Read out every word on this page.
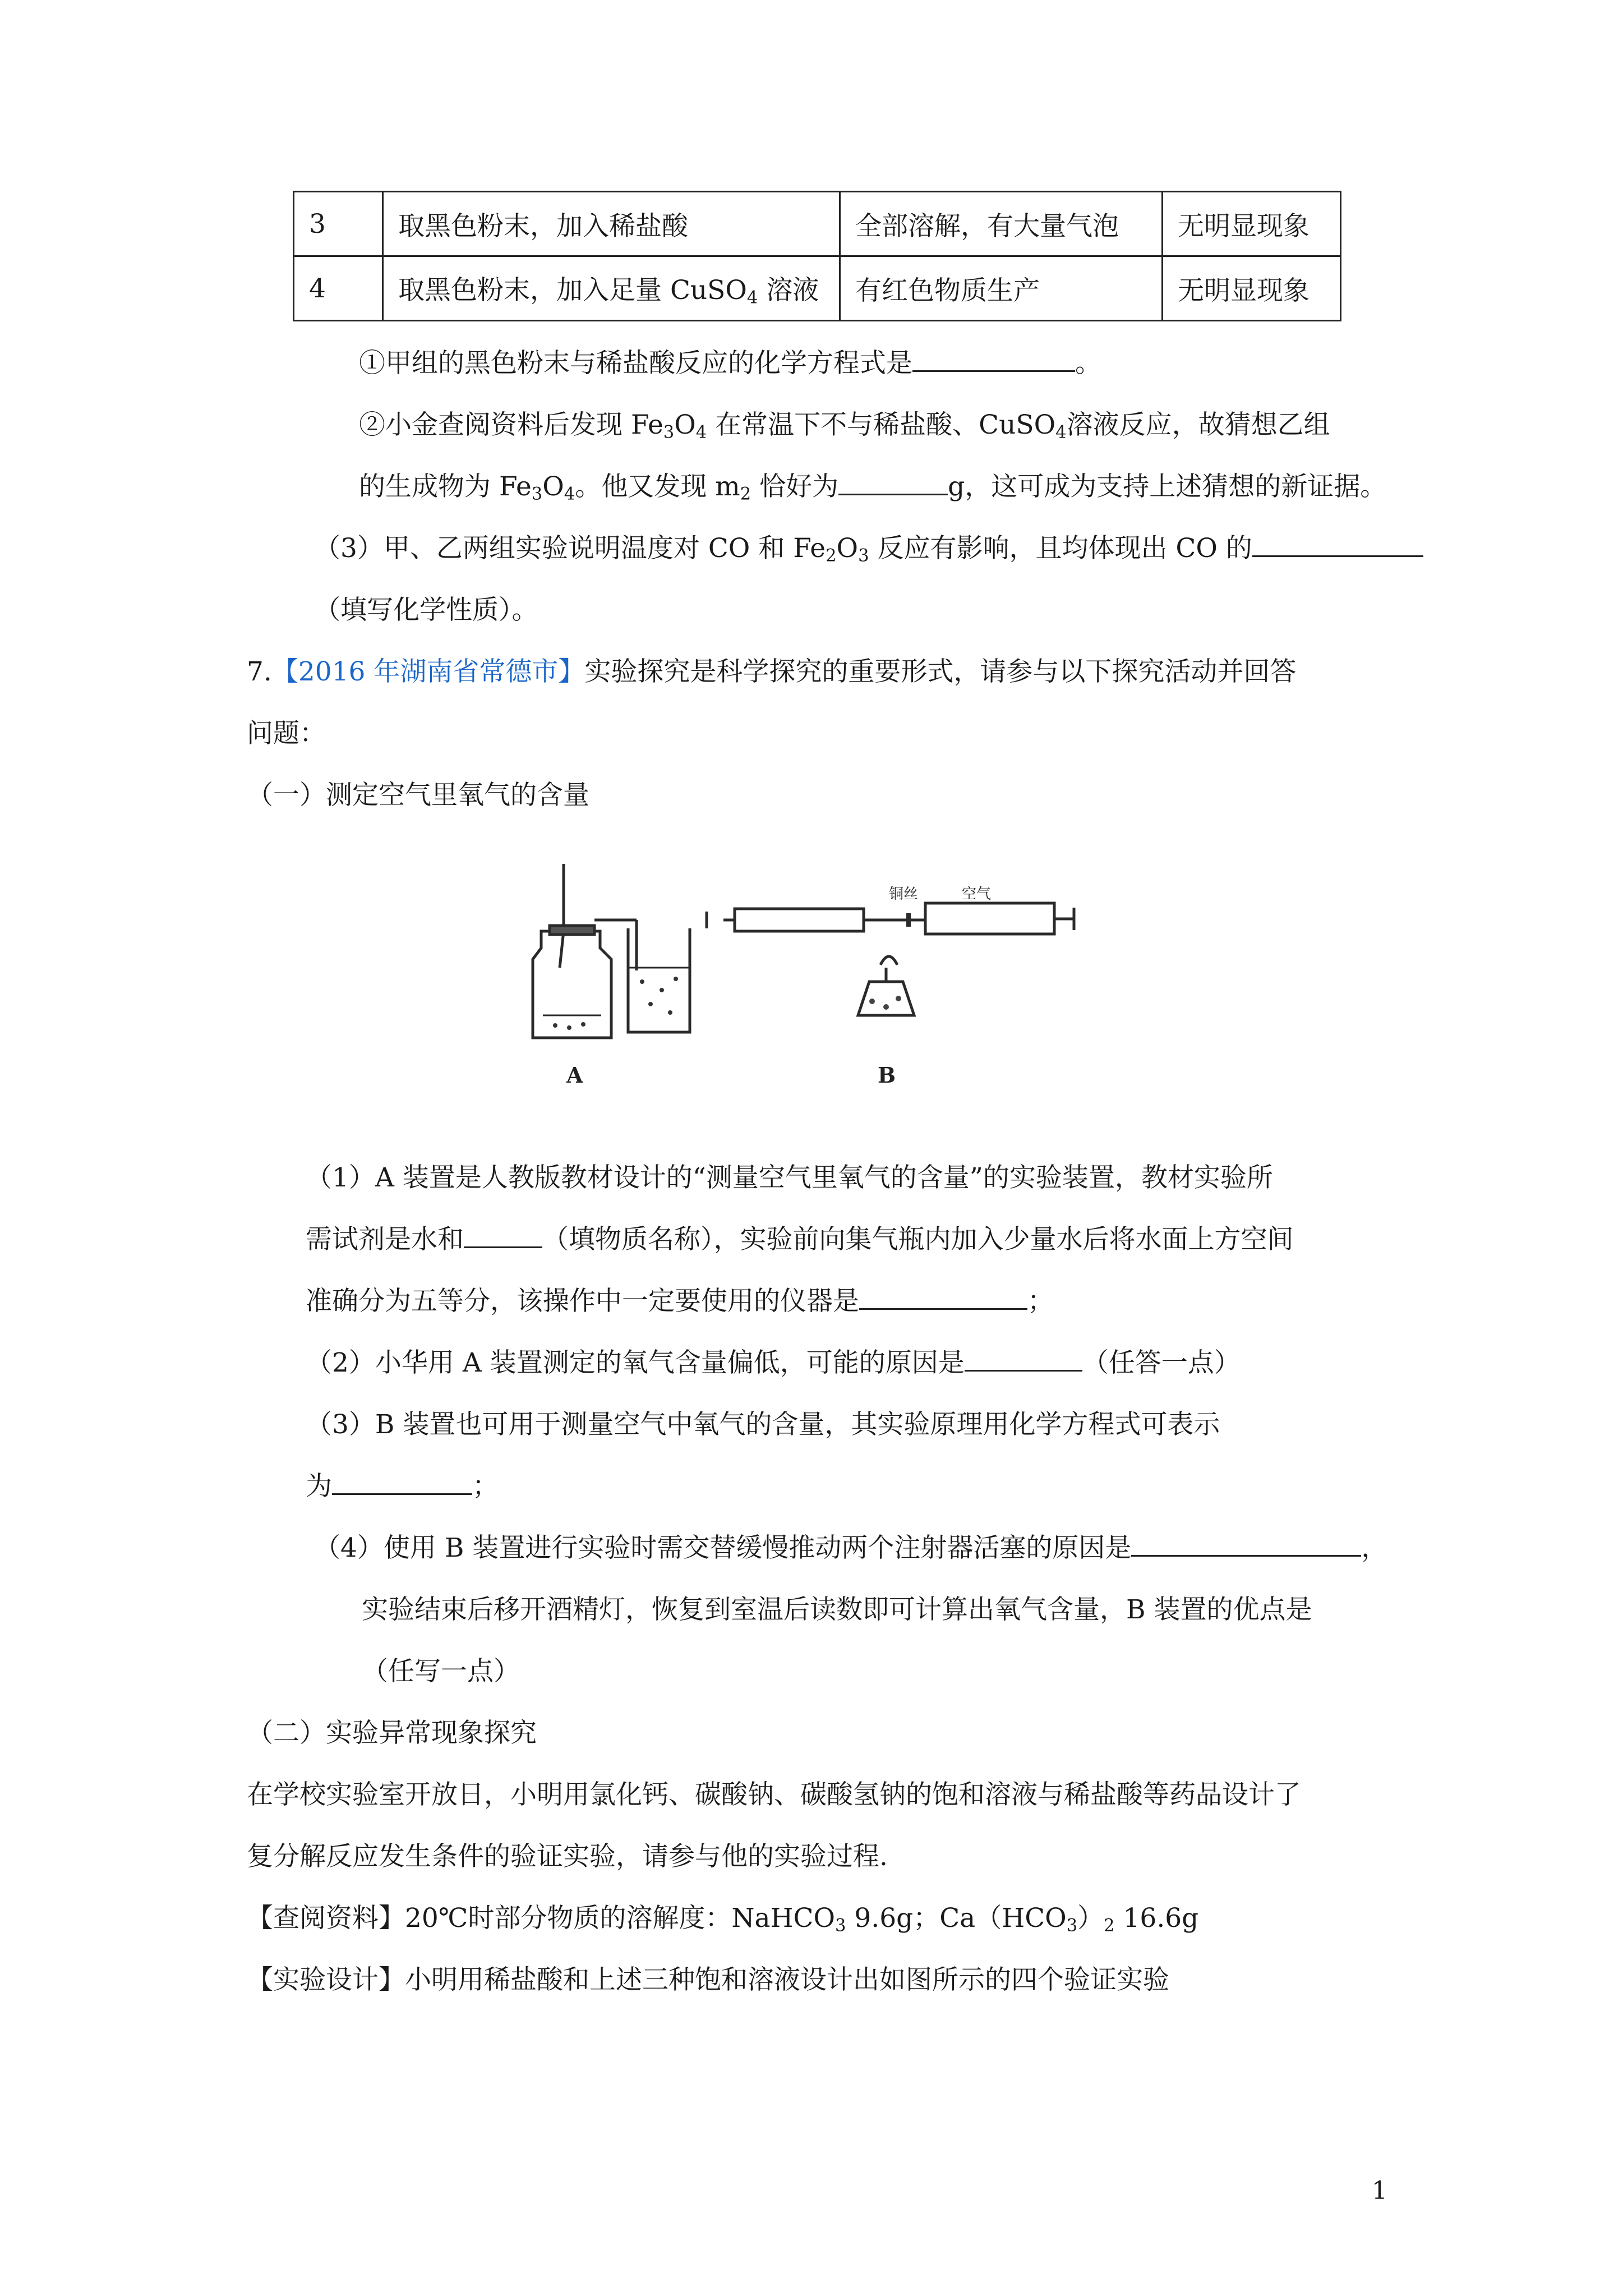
3	取黑色粉末，加入稀盐酸	全部溶解，有大量气泡	无明显现象
4	取黑色粉末，加入足量 CuSO$_4$ 溶液	有红色物质生产	无明显现象
①甲组的黑色粉末与稀盐酸反应的化学方程式是	。
②小金查阅资料后发现 $Fe_3O_4$ 在常温下不与稀盐酸、CuSO$_4$溶液反应，故猜想乙组
的生成物为 $Fe_3O_4$。他又发现 $m_2$ 恰好为	g，这可成为支持上述猜想的新证据。
（3）甲、乙两组实验说明温度对 CO 和 $Fe_2O_3$ 反应有影响，且均体现出 CO 的
（填写化学性质）。
7.【2016 年湖南省常德市】实验探究是科学探究的重要形式，请参与以下探究活动并回答
问题：
（一）测定空气里氧气的含量
A	B
铜丝	空气
（1）A 装置是人教版教材设计的“测量空气里氧气的含量”的实验装置，教材实验所
需试剂是水和	（填物质名称），实验前向集气瓶内加入少量水后将水面上方空间
准确分为五等分，该操作中一定要使用的仪器是	；
（2）小华用 A 装置测定的氧气含量偏低，可能的原因是	（任答一点）
（3）B 装置也可用于测量空气中氧气的含量，其实验原理用化学方程式可表示
为	；
（4）使用 B 装置进行实验时需交替缓慢推动两个注射器活塞的原因是	，
实验结束后移开酒精灯，恢复到室温后读数即可计算出氧气含量，B 装置的优点是
（任写一点）
（二）实验异常现象探究
在学校实验室开放日，小明用氯化钙、碳酸钠、碳酸氢钠的饱和溶液与稀盐酸等药品设计了
复分解反应发生条件的验证实验，请参与他的实验过程.
【查阅资料】20℃时部分物质的溶解度：NaHCO$_3$ 9.6g；$Ca(HCO_3)_2$ 16.6g
【实验设计】小明用稀盐酸和上述三种饱和溶液设计出如图所示的四个验证实验
1
